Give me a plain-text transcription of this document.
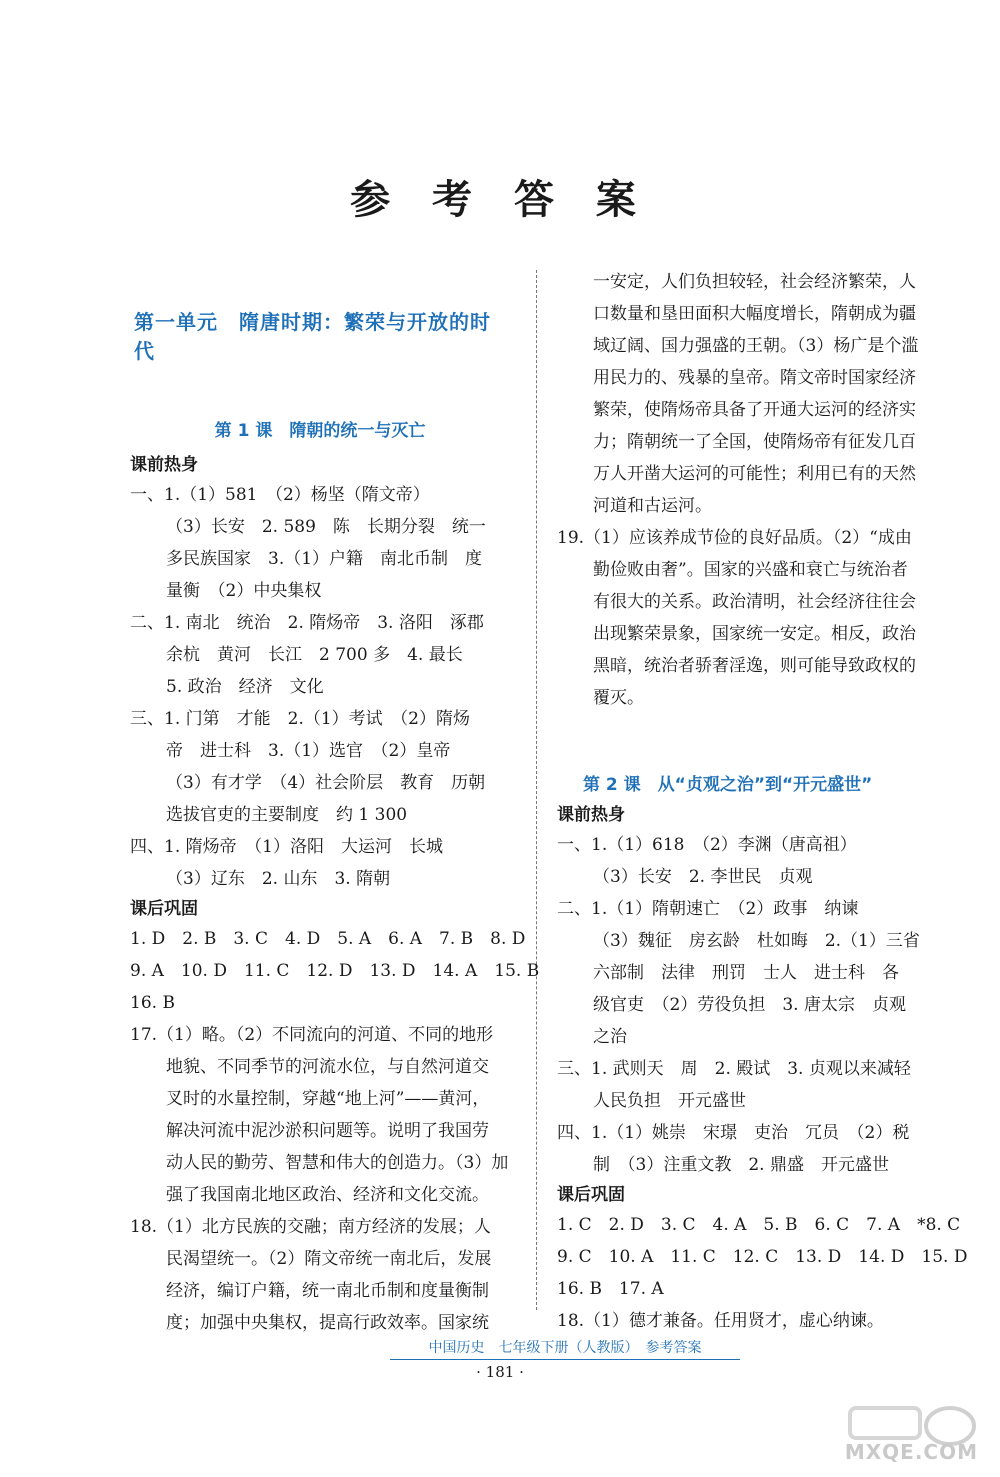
参 考 答 案
第一单元　隋唐时期：繁荣与开放的时代
第 1 课　隋朝的统一与灭亡
课前热身
一、1.（1）581　（2）杨坚（隋文帝）
（3）长安　2. 589　陈　长期分裂　统一
多民族国家　3.（1）户籍　南北币制　度
量衡　（2）中央集权
二、1. 南北　统治　2. 隋炀帝　3. 洛阳　涿郡
余杭　黄河　长江　2 700 多　4. 最长
5. 政治　经济　文化
三、1. 门第　才能　2.（1）考试　（2）隋炀
帝　进士科　3.（1）选官　（2）皇帝
（3）有才学　（4）社会阶层　教育　历朝
选拔官吏的主要制度　约 1 300
四、1. 隋炀帝　（1）洛阳　大运河　长城
（3）辽东　2. 山东　3. 隋朝
课后巩固
1. D　2. B　3. C　4. D　5. A　6. A　7. B　8. D
9. A　10. D　11. C　12. D　13. D　14. A　15. B
16. B
17.（1）略。（2）不同流向的河道、不同的地形
地貌、不同季节的河流水位，与自然河道交
叉时的水量控制，穿越“地上河”——黄河，
解决河流中泥沙淤积问题等。说明了我国劳
动人民的勤劳、智慧和伟大的创造力。（3）加
强了我国南北地区政治、经济和文化交流。
18.（1）北方民族的交融；南方经济的发展；人
民渴望统一。（2）隋文帝统一南北后，发展
经济，编订户籍，统一南北币制和度量衡制
度；加强中央集权，提高行政效率。国家统
一安定，人们负担较轻，社会经济繁荣，人
口数量和垦田面积大幅度增长，隋朝成为疆
域辽阔、国力强盛的王朝。（3）杨广是个滥
用民力的、残暴的皇帝。隋文帝时国家经济
繁荣，使隋炀帝具备了开通大运河的经济实
力；隋朝统一了全国，使隋炀帝有征发几百
万人开凿大运河的可能性；利用已有的天然
河道和古运河。
19.（1）应该养成节俭的良好品质。（2）“成由
勤俭败由奢”。国家的兴盛和衰亡与统治者
有很大的关系。政治清明，社会经济往往会
出现繁荣景象，国家统一安定。相反，政治
黑暗，统治者骄奢淫逸，则可能导致政权的
覆灭。
第 2 课　从“贞观之治”到“开元盛世”
课前热身
一、1.（1）618　（2）李渊（唐高祖）
（3）长安　2. 李世民　贞观
二、1.（1）隋朝速亡　（2）政事　纳谏
（3）魏征　房玄龄　杜如晦　2.（1）三省
六部制　法律　刑罚　士人　进士科　各
级官吏　（2）劳役负担　3. 唐太宗　贞观
之治
三、1. 武则天　周　2. 殿试　3. 贞观以来减轻
人民负担　开元盛世
四、1.（1）姚崇　宋璟　吏治　冗员　（2）税
制　（3）注重文教　2. 鼎盛　开元盛世
课后巩固
1. C　2. D　3. C　4. A　5. B　6. C　7. A　*8. C
9. C　10. A　11. C　12. C　13. D　14. D　15. D
16. B　17. A
18.（1）德才兼备。任用贤才，虚心纳谏。
中国历史　七年级下册（人教版）　参考答案
· 181 ·
MXQE.COM
